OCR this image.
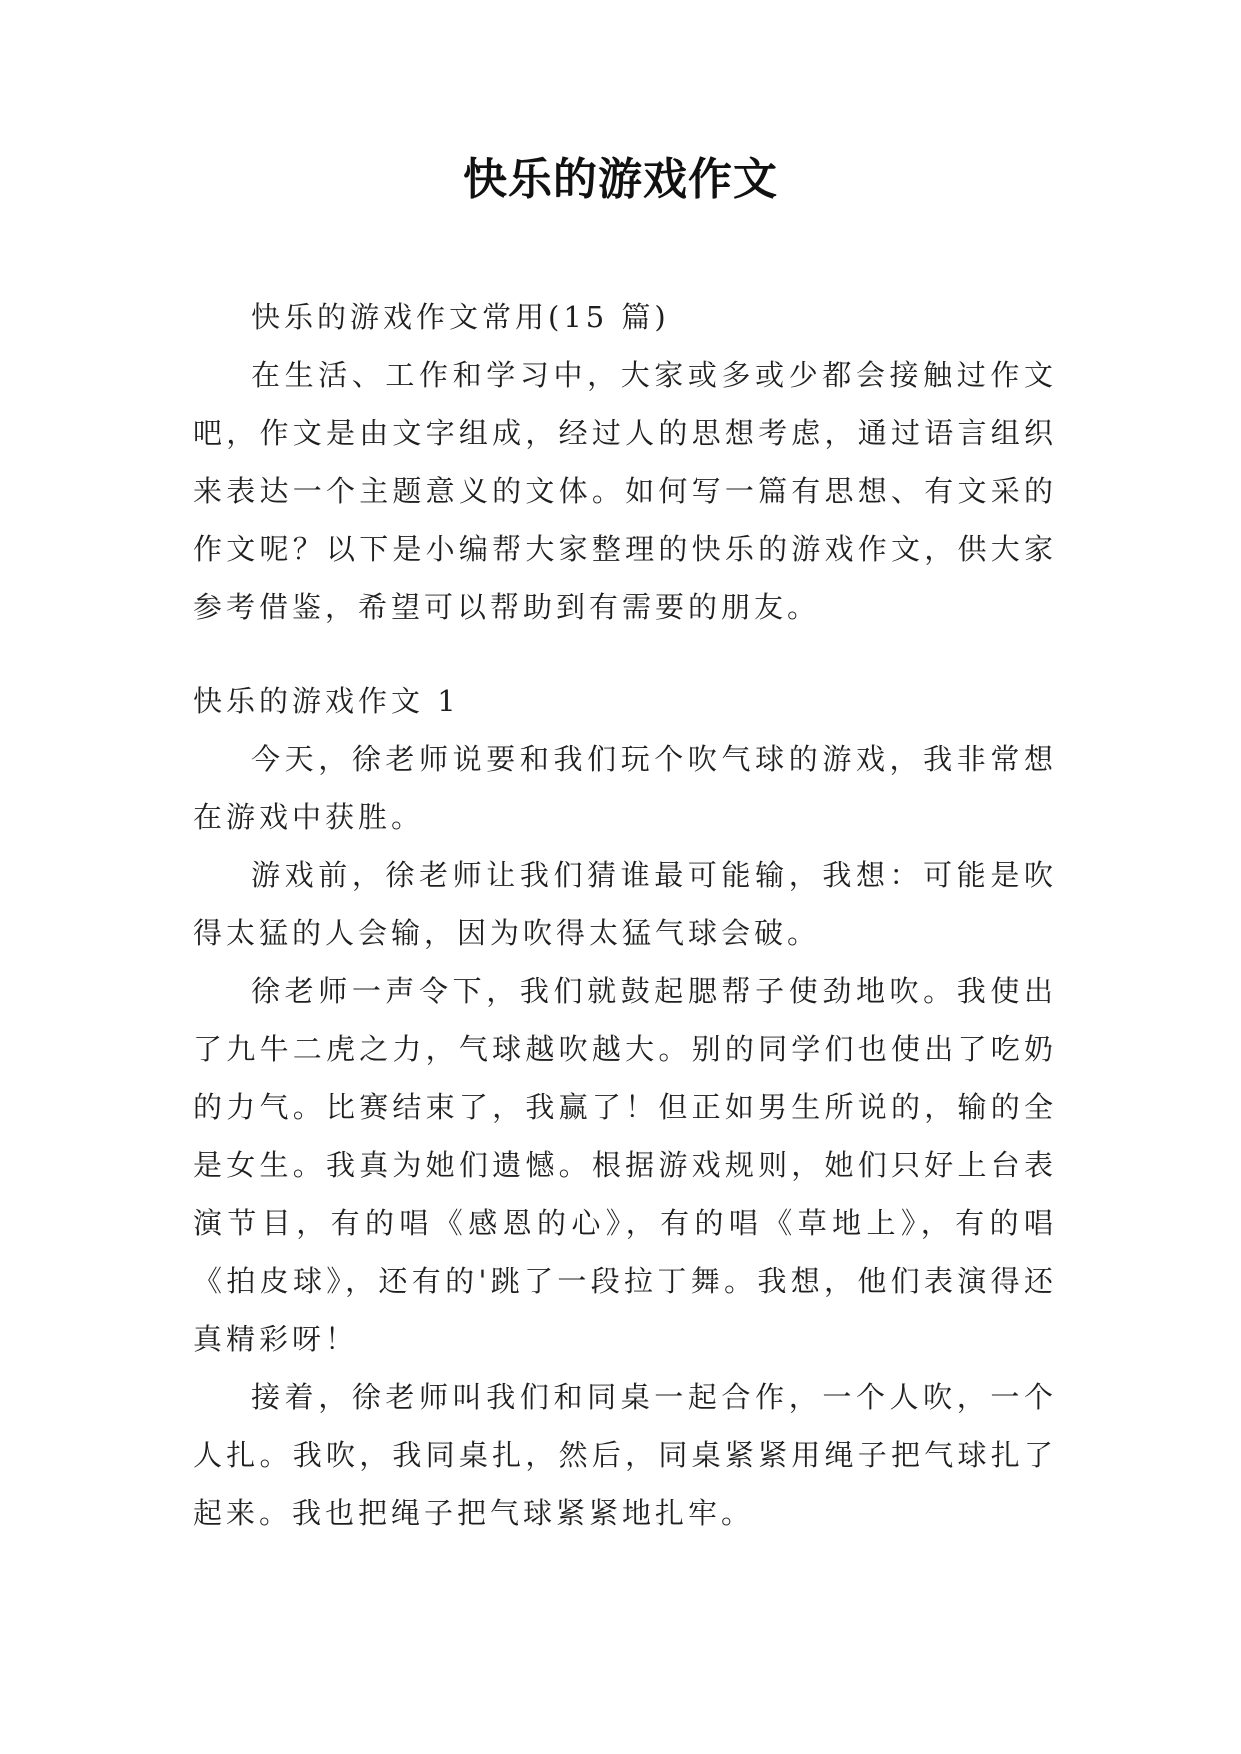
快乐的游戏作文

快乐的游戏作文常用(15 篇)

在生活、工作和学习中，大家或多或少都会接触过作文吧，作文是由文字组成，经过人的思想考虑，通过语言组织来表达一个主题意义的文体。如何写一篇有思想、有文采的作文呢？以下是小编帮大家整理的快乐的游戏作文，供大家参考借鉴，希望可以帮助到有需要的朋友。

快乐的游戏作文 1

今天，徐老师说要和我们玩个吹气球的游戏，我非常想在游戏中获胜。

游戏前，徐老师让我们猜谁最可能输，我想：可能是吹得太猛的人会输，因为吹得太猛气球会破。

徐老师一声令下，我们就鼓起腮帮子使劲地吹。我使出了九牛二虎之力，气球越吹越大。别的同学们也使出了吃奶的力气。比赛结束了，我赢了！但正如男生所说的，输的全是女生。我真为她们遗憾。根据游戏规则，她们只好上台表演节目，有的唱《感恩的心》，有的唱《草地上》，有的唱《拍皮球》，还有的'跳了一段拉丁舞。我想，他们表演得还真精彩呀！

接着，徐老师叫我们和同桌一起合作，一个人吹，一个人扎。我吹，我同桌扎，然后，同桌紧紧用绳子把气球扎了起来。我也把绳子把气球紧紧地扎牢。
